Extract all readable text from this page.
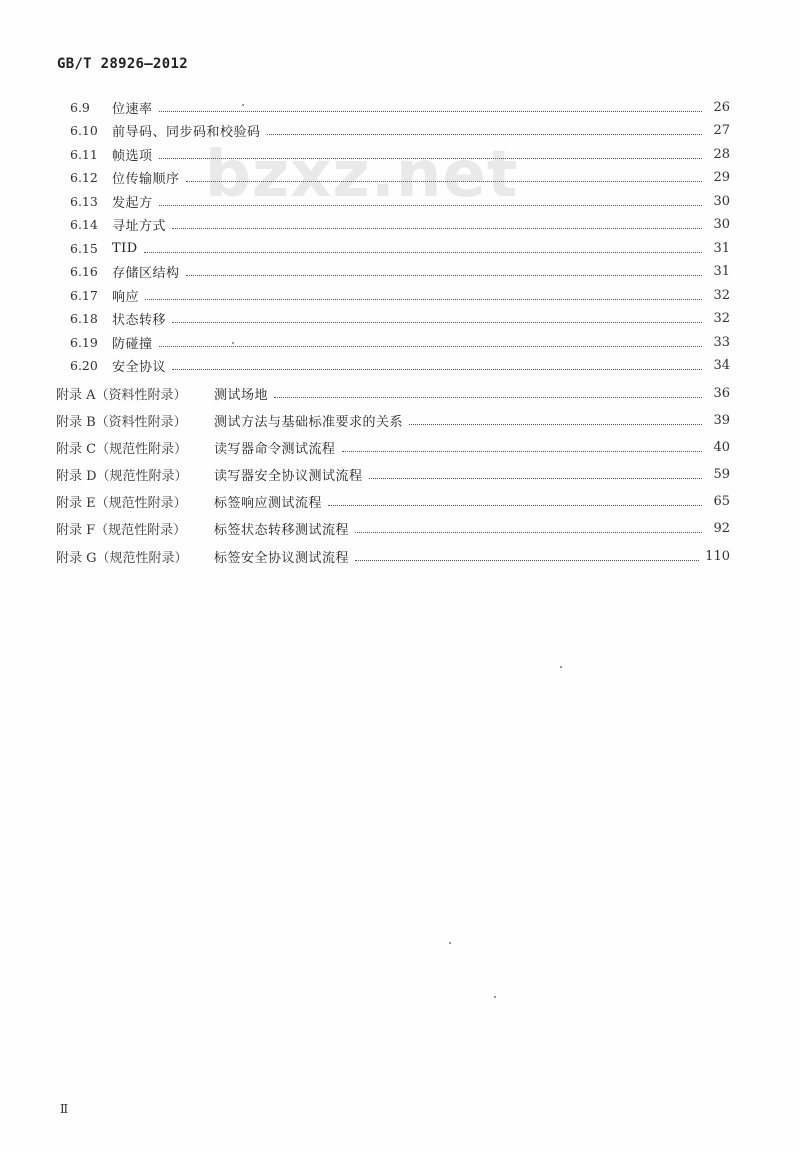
GB/T 28926—2012
bzxz.net
6.9	位速率	26
6.10	前导码、同步码和校验码	27
6.11	帧选项	28
6.12	位传输顺序	29
6.13	发起方	30
6.14	寻址方式	30
6.15	TID	31
6.16	存储区结构	31
6.17	响应	32
6.18	状态转移	32
6.19	防碰撞	33
6.20	安全协议	34
附录 A（资料性附录）	测试场地	36
附录 B（资料性附录）	测试方法与基础标准要求的关系	39
附录 C（规范性附录）	读写器命令测试流程	40
附录 D（规范性附录）	读写器安全协议测试流程	59
附录 E（规范性附录）	标签响应测试流程	65
附录 F（规范性附录）	标签状态转移测试流程	92
附录 G（规范性附录）	标签安全协议测试流程	110
Ⅱ
